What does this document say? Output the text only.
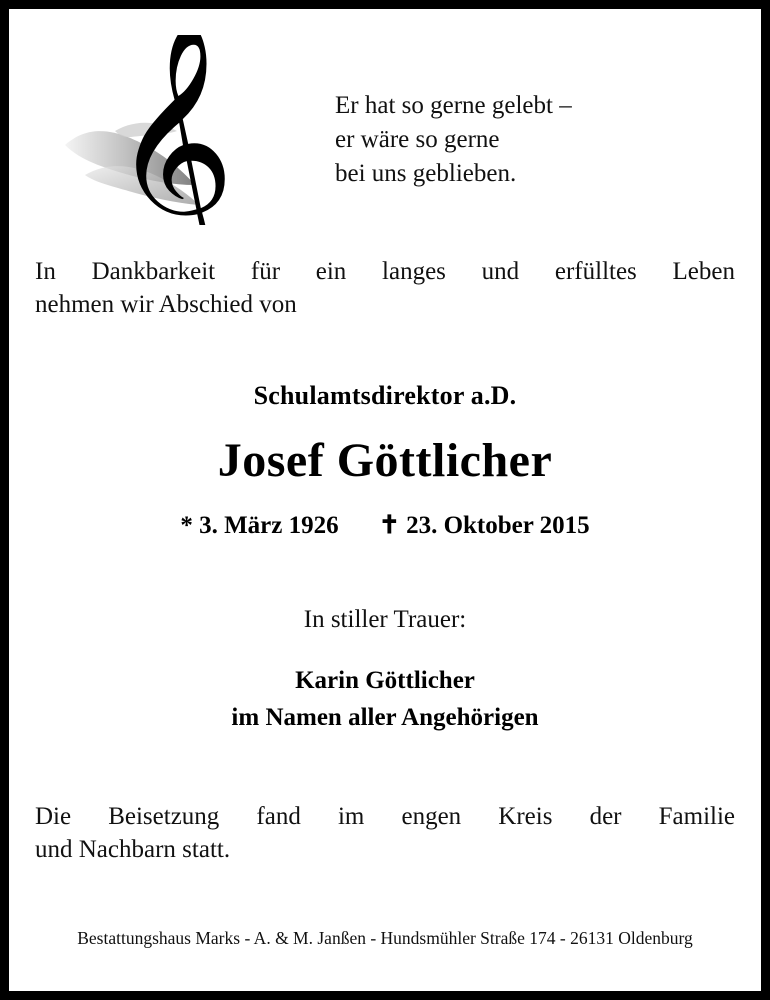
𝄞	Er hat so gerne gelebt –
er wäre so gerne
bei uns geblieben.
In Dankbarkeit für ein langes und erfülltes Leben
nehmen wir Abschied von
Schulamtsdirektor a.D.
Josef Göttlicher
* 3. März 1926 ✝ 23. Oktober 2015
In stiller Trauer:
Karin Göttlicher
im Namen aller Angehörigen
Die Beisetzung fand im engen Kreis der Familie
und Nachbarn statt.
Bestattungshaus Marks - A. & M. Janßen - Hundsmühler Straße 174 - 26131 Oldenburg
